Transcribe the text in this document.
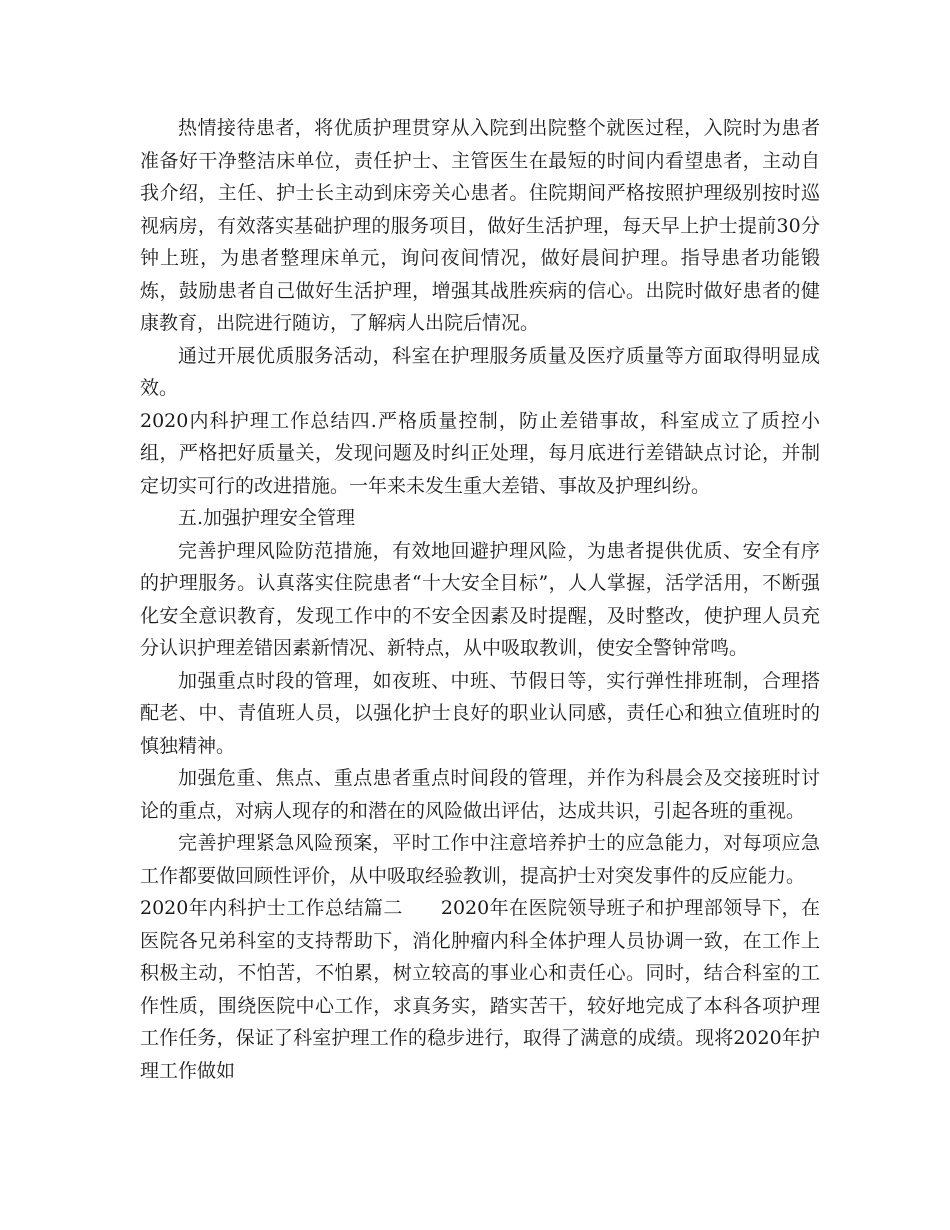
热情接待患者，将优质护理贯穿从入院到出院整个就医过程，入院时为患者准备好干净整洁床单位，责任护士、主管医生在最短的时间内看望患者，主动自我介绍，主任、护士长主动到床旁关心患者。住院期间严格按照护理级别按时巡视病房，有效落实基础护理的服务项目，做好生活护理，每天早上护士提前30分钟上班，为患者整理床单元，询问夜间情况，做好晨间护理。指导患者功能锻炼，鼓励患者自己做好生活护理，增强其战胜疾病的信心。出院时做好患者的健康教育，出院进行随访，了解病人出院后情况。

通过开展优质服务活动，科室在护理服务质量及医疗质量等方面取得明显成效。

2020内科护理工作总结四.严格质量控制，防止差错事故，科室成立了质控小组，严格把好质量关，发现问题及时纠正处理，每月底进行差错缺点讨论，并制定切实可行的改进措施。一年来未发生重大差错、事故及护理纠纷。

五.加强护理安全管理

完善护理风险防范措施，有效地回避护理风险，为患者提供优质、安全有序的护理服务。认真落实住院患者“十大安全目标”，人人掌握，活学活用，不断强化安全意识教育，发现工作中的不安全因素及时提醒，及时整改，使护理人员充分认识护理差错因素新情况、新特点，从中吸取教训，使安全警钟常鸣。

加强重点时段的管理，如夜班、中班、节假日等，实行弹性排班制，合理搭配老、中、青值班人员，以强化护士良好的职业认同感，责任心和独立值班时的慎独精神。

加强危重、焦点、重点患者重点时间段的管理，并作为科晨会及交接班时讨论的重点，对病人现存的和潜在的风险做出评估，达成共识，引起各班的重视。

完善护理紧急风险预案，平时工作中注意培养护士的应急能力，对每项应急工作都要做回顾性评价，从中吸取经验教训，提高护士对突发事件的反应能力。

2020年内科护士工作总结篇二 2020年在医院领导班子和护理部领导下，在医院各兄弟科室的支持帮助下，消化肿瘤内科全体护理人员协调一致，在工作上积极主动，不怕苦，不怕累，树立较高的事业心和责任心。同时，结合科室的工作性质，围绕医院中心工作，求真务实，踏实苦干，较好地完成了本科各项护理工作任务，保证了科室护理工作的稳步进行，取得了满意的成绩。现将2020年护理工作做如
